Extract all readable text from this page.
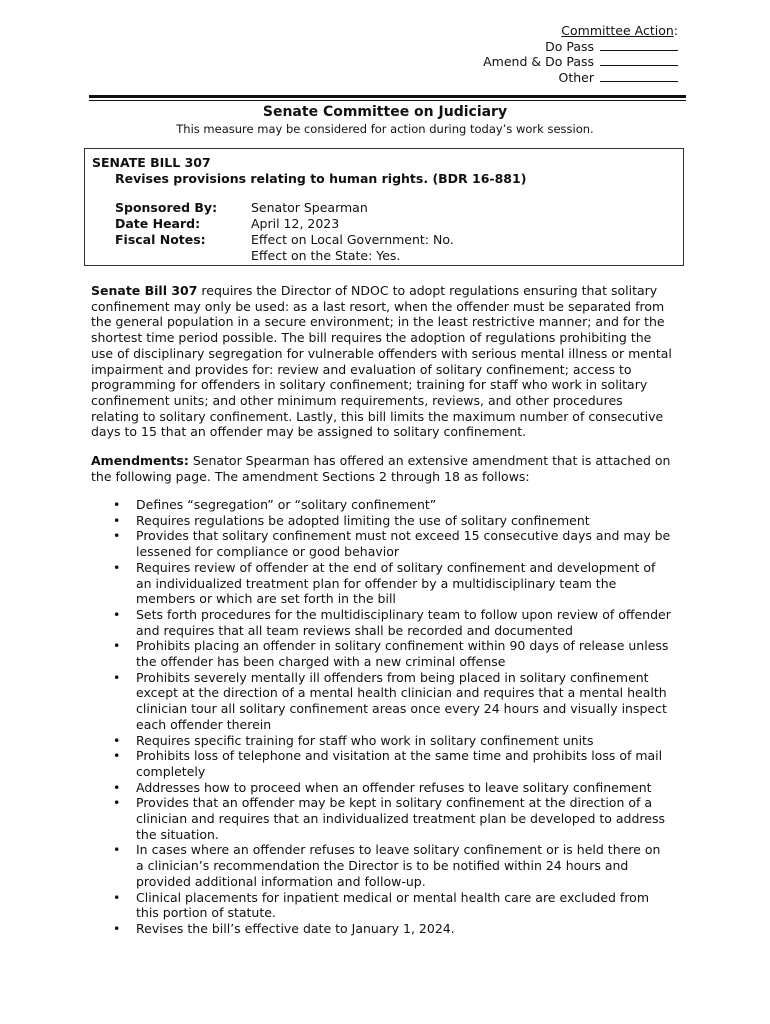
Committee Action:
Do Pass
Amend & Do Pass
Other
Senate Committee on Judiciary
This measure may be considered for action during today’s work session.
SENATE BILL 307
Revises provisions relating to human rights. (BDR 16-881)
Sponsored By:	Senator Spearman
Date Heard:	April 12, 2023
Fiscal Notes:	Effect on Local Government: No.
Effect on the State: Yes.
Senate Bill 307 requires the Director of NDOC to adopt regulations ensuring that solitary
confinement may only be used: as a last resort, when the offender must be separated from
the general population in a secure environment; in the least restrictive manner; and for the
shortest time period possible. The bill requires the adoption of regulations prohibiting the
use of disciplinary segregation for vulnerable offenders with serious mental illness or mental
impairment and provides for: review and evaluation of solitary confinement; access to
programming for offenders in solitary confinement; training for staff who work in solitary
confinement units; and other minimum requirements, reviews, and other procedures
relating to solitary confinement. Lastly, this bill limits the maximum number of consecutive
days to 15 that an offender may be assigned to solitary confinement.
Amendments: Senator Spearman has offered an extensive amendment that is attached on
the following page. The amendment Sections 2 through 18 as follows:
• Defines “segregation” or “solitary confinement”
• Requires regulations be adopted limiting the use of solitary confinement
• Provides that solitary confinement must not exceed 15 consecutive days and may be
lessened for compliance or good behavior
• Requires review of offender at the end of solitary confinement and development of
an individualized treatment plan for offender by a multidisciplinary team the
members or which are set forth in the bill
• Sets forth procedures for the multidisciplinary team to follow upon review of offender
and requires that all team reviews shall be recorded and documented
• Prohibits placing an offender in solitary confinement within 90 days of release unless
the offender has been charged with a new criminal offense
• Prohibits severely mentally ill offenders from being placed in solitary confinement
except at the direction of a mental health clinician and requires that a mental health
clinician tour all solitary confinement areas once every 24 hours and visually inspect
each offender therein
• Requires specific training for staff who work in solitary confinement units
• Prohibits loss of telephone and visitation at the same time and prohibits loss of mail
completely
• Addresses how to proceed when an offender refuses to leave solitary confinement
• Provides that an offender may be kept in solitary confinement at the direction of a
clinician and requires that an individualized treatment plan be developed to address
the situation.
• In cases where an offender refuses to leave solitary confinement or is held there on
a clinician’s recommendation the Director is to be notified within 24 hours and
provided additional information and follow-up.
• Clinical placements for inpatient medical or mental health care are excluded from
this portion of statute.
• Revises the bill’s effective date to January 1, 2024.
